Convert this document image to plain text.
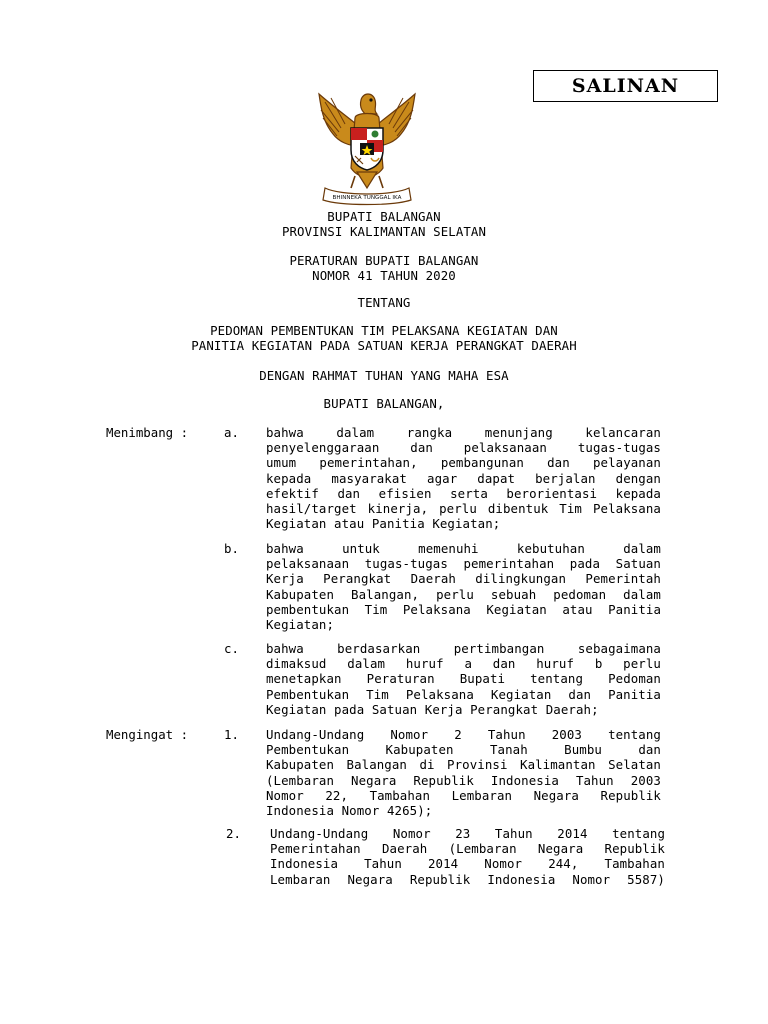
SALINAN
BHINNEKA TUNGGAL IKA
BUPATI BALANGAN
PROVINSI KALIMANTAN SELATAN
PERATURAN BUPATI BALANGAN
NOMOR 41 TAHUN 2020
TENTANG
PEDOMAN PEMBENTUKAN TIM PELAKSANA KEGIATAN DAN
PANITIA KEGIATAN PADA SATUAN KERJA PERANGKAT DAERAH
DENGAN RAHMAT TUHAN YANG MAHA ESA
BUPATI BALANGAN,
Menimbang :	a. bahwa dalam rangka menunjang kelancaran
penyelenggaraan dan pelaksanaan tugas-tugas
umum pemerintahan, pembangunan dan pelayanan
kepada masyarakat agar dapat berjalan dengan
efektif dan efisien serta berorientasi kepada
hasil/target kinerja, perlu dibentuk Tim Pelaksana
Kegiatan atau Panitia Kegiatan;
b. bahwa untuk memenuhi kebutuhan dalam
pelaksanaan tugas-tugas pemerintahan pada Satuan
Kerja Perangkat Daerah dilingkungan Pemerintah
Kabupaten Balangan, perlu sebuah pedoman dalam
pembentukan Tim Pelaksana Kegiatan atau Panitia
Kegiatan;
c. bahwa berdasarkan pertimbangan sebagaimana
dimaksud dalam huruf a dan huruf b perlu
menetapkan Peraturan Bupati tentang Pedoman
Pembentukan Tim Pelaksana Kegiatan dan Panitia
Kegiatan pada Satuan Kerja Perangkat Daerah;
Mengingat :	1. Undang-Undang Nomor 2 Tahun 2003 tentang
Pembentukan Kabupaten Tanah Bumbu dan
Kabupaten Balangan di Provinsi Kalimantan Selatan
(Lembaran Negara Republik Indonesia Tahun 2003
Nomor 22, Tambahan Lembaran Negara Republik
Indonesia Nomor 4265);
2. Undang-Undang Nomor 23 Tahun 2014 tentang
Pemerintahan Daerah (Lembaran Negara Republik
Indonesia Tahun 2014 Nomor 244, Tambahan
Lembaran Negara Republik Indonesia Nomor 5587)
